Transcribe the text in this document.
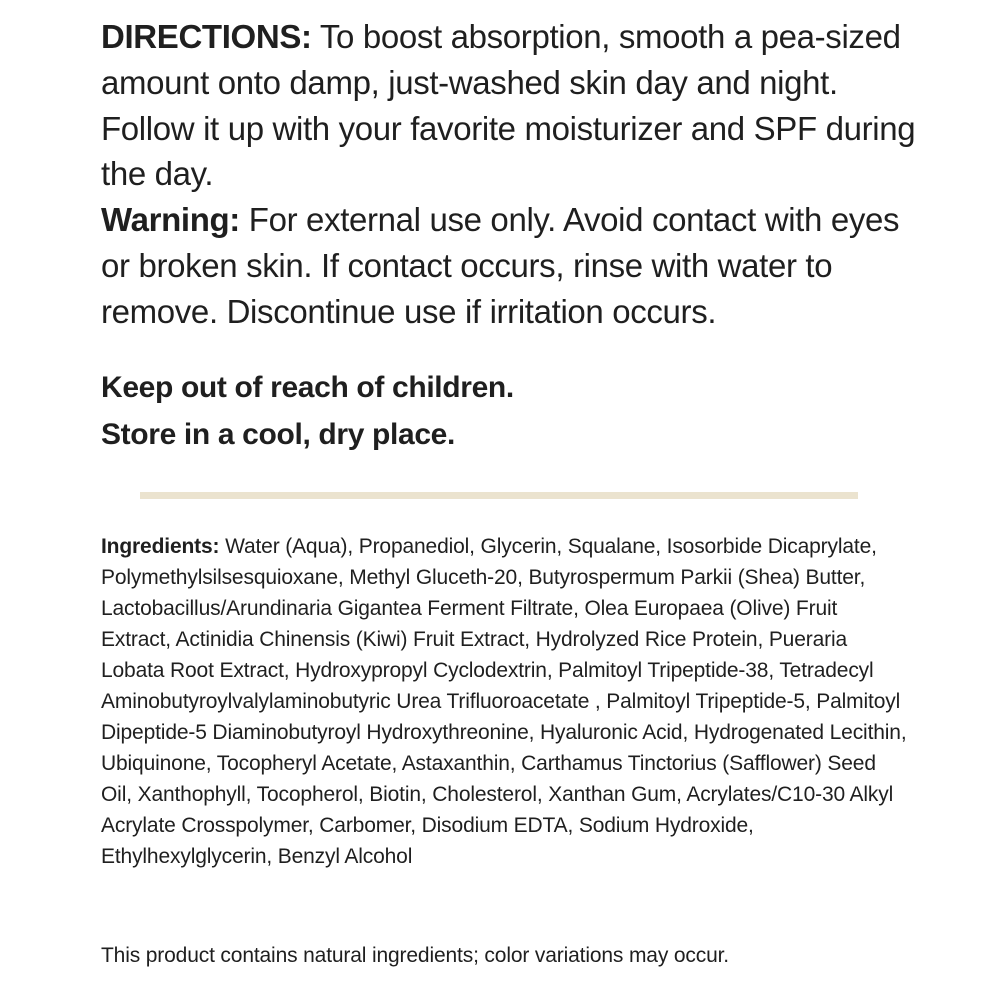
DIRECTIONS: To boost absorption, smooth a pea-sized amount onto damp, just-washed skin day and night. Follow it up with your favorite moisturizer and SPF during the day.

Warning: For external use only. Avoid contact with eyes or broken skin. If contact occurs, rinse with water to remove. Discontinue use if irritation occurs.

Keep out of reach of children.
Store in a cool, dry place.
Ingredients: Water (Aqua), Propanediol, Glycerin, Squalane, Isosorbide Dicaprylate, Polymethylsilsesquioxane, Methyl Gluceth-20, Butyrospermum Parkii (Shea) Butter, Lactobacillus/Arundinaria Gigantea Ferment Filtrate, Olea Europaea (Olive) Fruit Extract, Actinidia Chinensis (Kiwi) Fruit Extract, Hydrolyzed Rice Protein, Pueraria Lobata Root Extract, Hydroxypropyl Cyclodextrin, Palmitoyl Tripeptide-38, Tetradecyl Aminobutyroylvalylaminobutyric Urea Trifluoroacetate , Palmitoyl Tripeptide-5, Palmitoyl Dipeptide-5 Diaminobutyroyl Hydroxythreonine, Hyaluronic Acid, Hydrogenated Lecithin, Ubiquinone, Tocopheryl Acetate, Astaxanthin, Carthamus Tinctorius (Safflower) Seed Oil, Xanthophyll, Tocopherol, Biotin, Cholesterol, Xanthan Gum, Acrylates/C10-30 Alkyl Acrylate Crosspolymer, Carbomer, Disodium EDTA, Sodium Hydroxide, Ethylhexylglycerin, Benzyl Alcohol
This product contains natural ingredients; color variations may occur.
